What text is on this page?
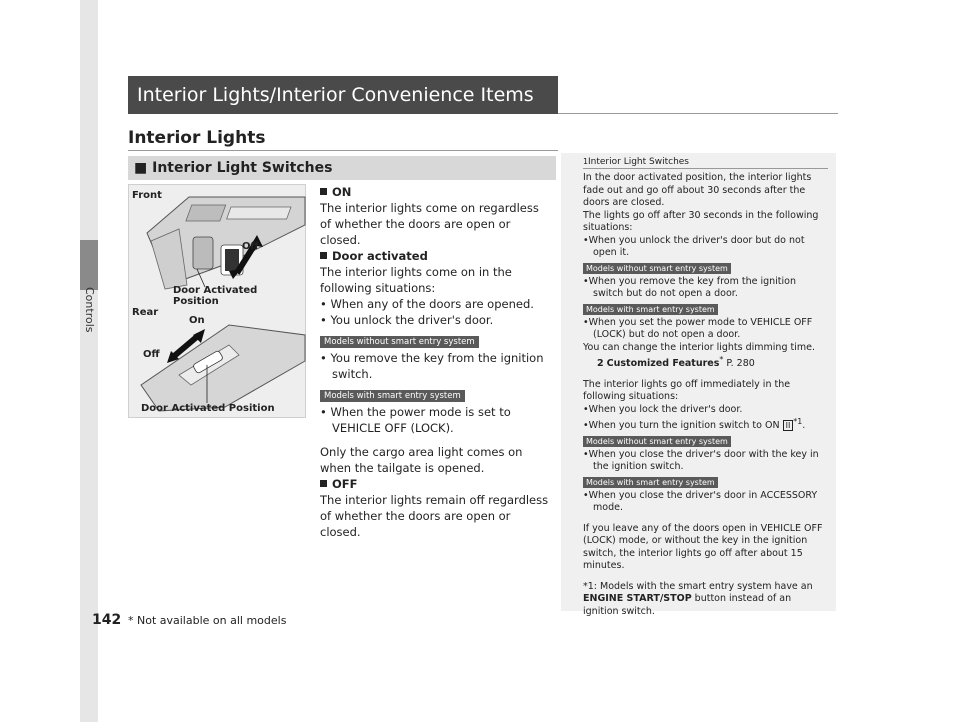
Controls
Interior Lights/Interior Convenience Items
Interior Lights
■ Interior Light Switches
Front
Off
Door Activated Position
Rear
On
Off
Door Activated Position
ON
The interior lights come on regardless of whether the doors are open or closed.
Door activated
The interior lights come on in the following situations:
• When any of the doors are opened.
• You unlock the driver's door.
Models without smart entry system
• You remove the key from the ignition switch.
Models with smart entry system
• When the power mode is set to VEHICLE OFF (LOCK).
Only the cargo area light comes on when the tailgate is opened.
OFF
The interior lights remain off regardless of whether the doors are open or closed.
1 Interior Light Switches
In the door activated position, the interior lights fade out and go off about 30 seconds after the doors are closed.
The lights go off after 30 seconds in the following situations:
•When you unlock the driver's door but do not open it.
Models without smart entry system
•When you remove the key from the ignition switch but do not open a door.
Models with smart entry system
•When you set the power mode to VEHICLE OFF (LOCK) but do not open a door.
You can change the interior lights dimming time.
2 Customized Features* P. 280
The interior lights go off immediately in the following situations:
•When you lock the driver's door.
•When you turn the ignition switch to ON II $^{*1}$.
Models without smart entry system
•When you close the driver's door with the key in the ignition switch.
Models with smart entry system
•When you close the driver's door in ACCESSORY mode.
If you leave any of the doors open in VEHICLE OFF (LOCK) mode, or without the key in the ignition switch, the interior lights go off after about 15 minutes.
*1: Models with the smart entry system have an ENGINE START/STOP button instead of an ignition switch.
142 * Not available on all models
